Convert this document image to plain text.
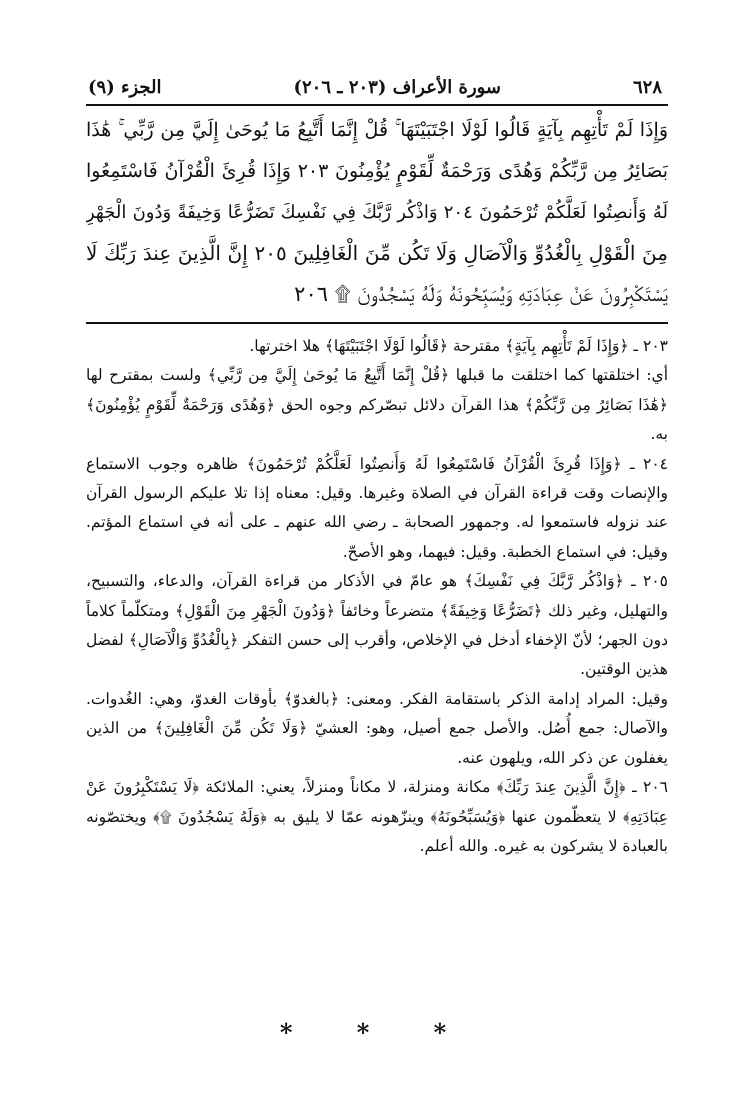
٦٢٨
سورة الأعراف (٢٠٣ ـ ٢٠٦)
الجزء (٩)
وَإِذَا لَمْ تَأْتِهِم بِآيَةٍ قَالُوا لَوْلَا اجْتَبَيْتَهَا ۚ قُلْ إِنَّمَا أَتَّبِعُ مَا يُوحَىٰ إِلَيَّ مِن رَّبِّي ۚ هَٰذَا
بَصَائِرُ مِن رَّبِّكُمْ وَهُدًى وَرَحْمَةٌ لِّقَوْمٍ يُؤْمِنُونَ ٢٠٣ وَإِذَا قُرِئَ الْقُرْآنُ فَاسْتَمِعُوا
لَهُ وَأَنصِتُوا لَعَلَّكُمْ تُرْحَمُونَ ٢٠٤ وَاذْكُر رَّبَّكَ فِي نَفْسِكَ تَضَرُّعًا وَخِيفَةً وَدُونَ الْجَهْرِ
مِنَ الْقَوْلِ بِالْغُدُوِّ وَالْآصَالِ وَلَا تَكُن مِّنَ الْغَافِلِينَ ٢٠٥ إِنَّ الَّذِينَ عِندَ رَبِّكَ لَا
يَسْتَكْبِرُونَ عَنْ عِبَادَتِهِ وَيُسَبِّحُونَهُ وَلَهُ يَسْجُدُونَ ۩ ٢٠٦

٢٠٣ ـ ﴿وَإِذَا لَمْ تَأْتِهِم بِآيَةٍ﴾ مقترحة ﴿قَالُوا لَوْلَا اجْتَبَيْتَهَا﴾ هلا اخترتها.

أي: اختلقتها كما اختلقت ما قبلها ﴿قُلْ إِنَّمَا أَتَّبِعُ مَا يُوحَىٰ إِلَيَّ مِن رَّبِّي﴾ ولست بمقترح لها ﴿هَٰذَا بَصَائِرُ مِن رَّبِّكُمْ﴾ هذا القرآن دلائل تبصّركم وجوه الحق ﴿وَهُدًى وَرَحْمَةٌ لِّقَوْمٍ يُؤْمِنُونَ﴾ به.

٢٠٤ ـ ﴿وَإِذَا قُرِئَ الْقُرْآنُ فَاسْتَمِعُوا لَهُ وَأَنصِتُوا لَعَلَّكُمْ تُرْحَمُونَ﴾ ظاهره وجوب الاستماع والإنصات وقت قراءة القرآن في الصلاة وغيرها. وقيل: معناه إذا تلا عليكم الرسول القرآن عند نزوله فاستمعوا له. وجمهور الصحابة ـ رضي الله عنهم ـ على أنه في استماع المؤتم. وقيل: في استماع الخطبة. وقيل: فيهما، وهو الأصحّ.

٢٠٥ ـ ﴿وَاذْكُر رَّبَّكَ فِي نَفْسِكَ﴾ هو عامّ في الأذكار من قراءة القرآن، والدعاء، والتسبيح، والتهليل، وغير ذلك ﴿تَضَرُّعًا وَخِيفَةً﴾ متضرعاً وخائفاً ﴿وَدُونَ الْجَهْرِ مِنَ الْقَوْلِ﴾ ومتكلّماً كلاماً دون الجهر؛ لأنّ الإخفاء أدخل في الإخلاص، وأقرب إلى حسن التفكر ﴿بِالْغُدُوِّ وَالْآصَالِ﴾ لفضل هذين الوقتين.

وقيل: المراد إدامة الذكر باستقامة الفكر. ومعنى: ﴿بالغدوّ﴾ بأوقات الغدوّ، وهي: الغُدوات. والآصال: جمع أُصُل. والأصل جمع أصيل، وهو: العشيّ ﴿وَلَا تَكُن مِّنَ الْغَافِلِينَ﴾ من الذين يغفلون عن ذكر الله، ويلهون عنه.

٢٠٦ ـ ﴿إِنَّ الَّذِينَ عِندَ رَبِّكَ﴾ مكانة ومنزلة، لا مكاناً ومنزلاً، يعني: الملائكة ﴿لَا يَسْتَكْبِرُونَ عَنْ عِبَادَتِهِ﴾ لا يتعظّمون عنها ﴿وَيُسَبِّحُونَهُ﴾ وينزّهونه عمّا لا يليق به ﴿وَلَهُ يَسْجُدُونَ ۩﴾ ويختصّونه بالعبادة لا يشركون به غيره. والله أعلم.

* * *
